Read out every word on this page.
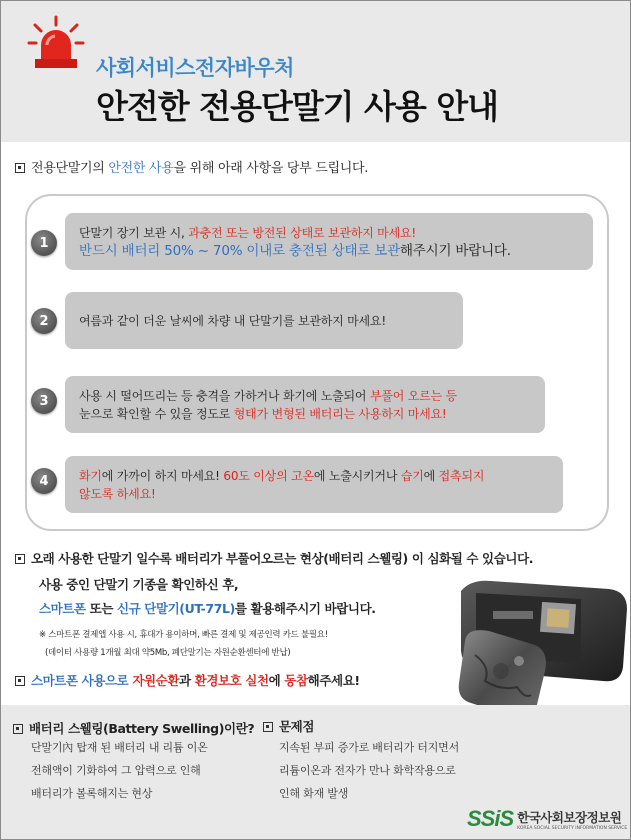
사회서비스전자바우처
안전한 전용단말기 사용 안내
전용단말기의 안전한 사용을 위해 아래 사항을 당부 드립니다.
1
단말기 장기 보관 시, 과충전 또는 방전된 상태로 보관하지 마세요!
반드시 배터리 50% ~ 70% 이내로 충전된 상태로 보관해주시기 바랍니다.
2	여름과 같이 더운 날씨에 차량 내 단말기를 보관하지 마세요!
3	사용 시 떨어뜨리는 등 충격을 가하거나 화기에 노출되어 부풀어 오르는 등
눈으로 확인할 수 있을 정도로 형태가 변형된 배터리는 사용하지 마세요!
4	화기에 가까이 하지 마세요! 60도 이상의 고온에 노출시키거나 습기에 접촉되지
않도록 하세요!
오래 사용한 단말기 일수록 배터리가 부풀어오르는 현상(배터리 스웰링) 이 심화될 수 있습니다.
사용 중인 단말기 기종을 확인하신 후,
스마트폰 또는 신규 단말기(UT-77L)를 활용해주시기 바랍니다.
※ 스마트폰 결제앱 사용 시, 휴대가 용이하며, 빠른 결제 및 제공인력 카드 불필요!
(데이터 사용량 1개월 최대 약5Mb, 폐단말기는 자원순환센터에 반납)
스마트폰 사용으로 자원순환과 환경보호 실천에 동참해주세요!
배터리 스웰링(Battery Swelling)이란?
단말기內 탑재 된 배터리 내 리튬 이온
전해액이 기화하여 그 압력으로 인해
배터리가 볼록해지는 현상
문제점
지속된 부피 증가로 배터리가 터지면서
리튬이온과 전자가 만나 화학작용으로
인해 화재 발생
SSiS 한국사회보장정보원
KOREA SOCIAL SECURITY INFORMATION SERVICE
